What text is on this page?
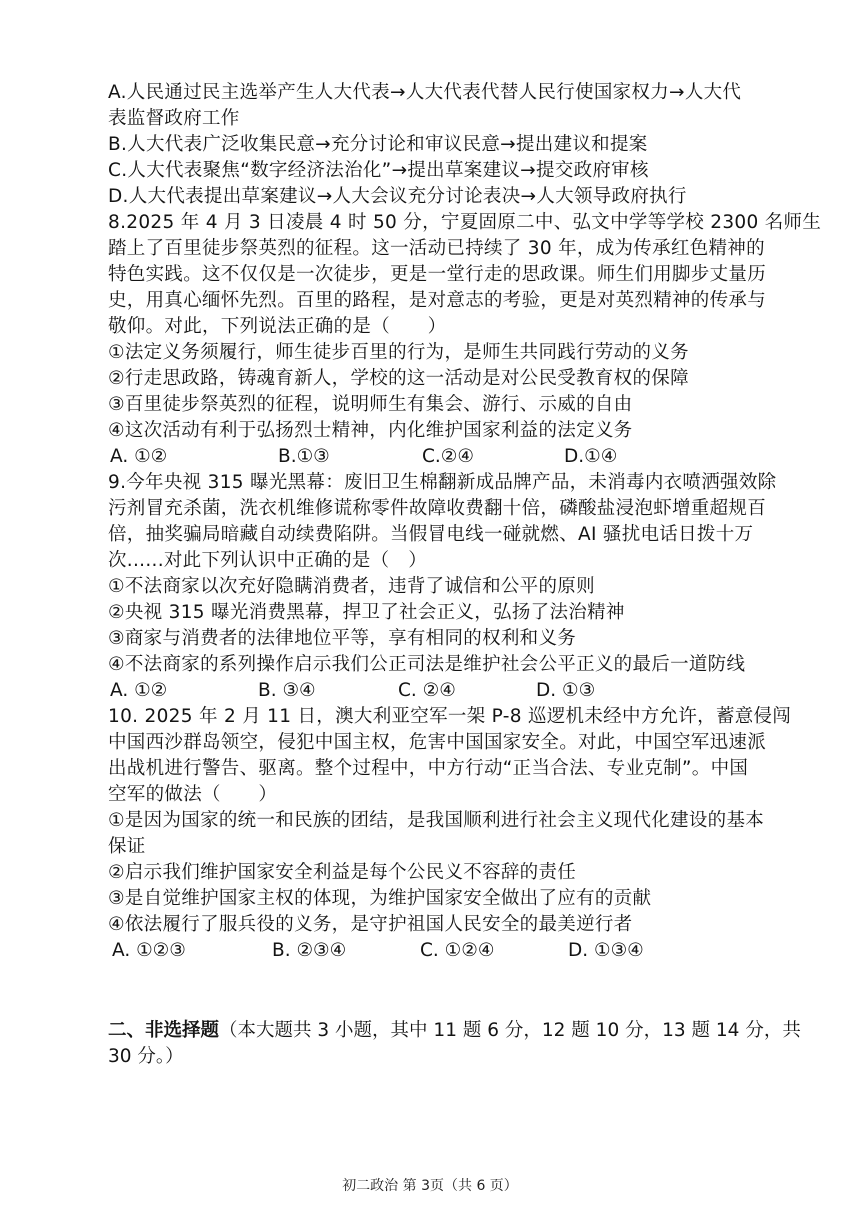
A.人民通过民主选举产生人大代表→人大代表代替人民行使国家权力→人大代
表监督政府工作
B.人大代表广泛收集民意→充分讨论和审议民意→提出建议和提案
C.人大代表聚焦“数字经济法治化”→提出草案建议→提交政府审核
D.人大代表提出草案建议→人大会议充分讨论表决→人大领导政府执行
8.2025 年 4 月 3 日凌晨 4 时 50 分，宁夏固原二中、弘文中学等学校 2300 名师生
踏上了百里徒步祭英烈的征程。这一活动已持续了 30 年，成为传承红色精神的
特色实践。这不仅仅是一次徒步，更是一堂行走的思政课。师生们用脚步丈量历
史，用真心缅怀先烈。百里的路程，是对意志的考验，更是对英烈精神的传承与
敬仰。对此，下列说法正确的是（　　）
①法定义务须履行，师生徒步百里的行为，是师生共同践行劳动的义务
②行走思政路，铸魂育新人，学校的这一活动是对公民受教育权的保障
③百里徒步祭英烈的征程，说明师生有集会、游行、示威的自由
④这次活动有利于弘扬烈士精神，内化维护国家利益的法定义务
A. ①②	B.①③	C.②④	D.①④
9.今年央视 315 曝光黑幕：废旧卫生棉翻新成品牌产品，未消毒内衣喷洒强效除
污剂冒充杀菌，洗衣机维修谎称零件故障收费翻十倍，磷酸盐浸泡虾增重超规百
倍，抽奖骗局暗藏自动续费陷阱。当假冒电线一碰就燃、AI 骚扰电话日拨十万
次......对此下列认识中正确的是（　）
①不法商家以次充好隐瞒消费者，违背了诚信和公平的原则
②央视 315 曝光消费黑幕，捍卫了社会正义，弘扬了法治精神
③商家与消费者的法律地位平等，享有相同的权利和义务
④不法商家的系列操作启示我们公正司法是维护社会公平正义的最后一道防线
A. ①②	B. ③④	C. ②④	D. ①③
10. 2025 年 2 月 11 日，澳大利亚空军一架 P-8 巡逻机未经中方允许，蓄意侵闯
中国西沙群岛领空，侵犯中国主权，危害中国国家安全。对此，中国空军迅速派
出战机进行警告、驱离。整个过程中，中方行动“正当合法、专业克制”。中国
空军的做法（　　）
①是因为国家的统一和民族的团结，是我国顺利进行社会主义现代化建设的基本
保证
②启示我们维护国家安全利益是每个公民义不容辞的责任
③是自觉维护国家主权的体现，为维护国家安全做出了应有的贡献
④依法履行了服兵役的义务，是守护祖国人民安全的最美逆行者
A. ①②③	B. ②③④	C. ①②④	D. ①③④
二、非选择题（本大题共 3 小题，其中 11 题 6 分，12 题 10 分，13 题 14 分，共
30 分。）
初二政治 第 3页（共 6 页）
